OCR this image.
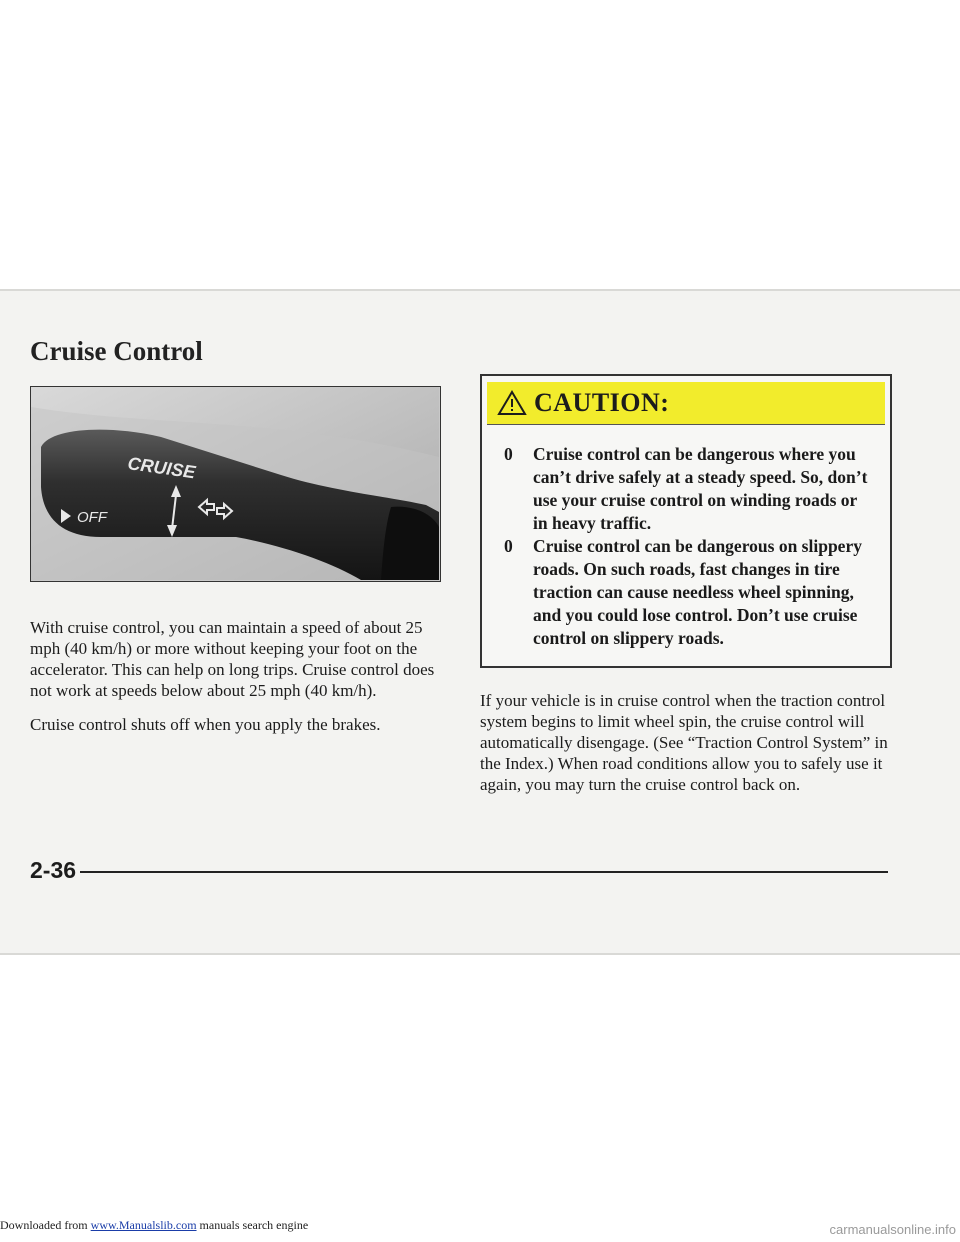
Cruise Control
CRUISE
OFF

With cruise control, you can maintain a speed of about 25 mph (40 km/h) or more without keeping your foot on the accelerator. This can help on long trips. Cruise control does not work at speeds below about 25 mph (40 km/h).

Cruise control shuts off when you apply the brakes.

CAUTION:
0 Cruise control can be dangerous where you can’t drive safely at a steady speed. So, don’t use your cruise control on winding roads or in heavy traffic.
0 Cruise control can be dangerous on slippery roads. On such roads, fast changes in tire traction can cause needless wheel spinning, and you could lose control. Don’t use cruise control on slippery roads.

If your vehicle is in cruise control when the traction control system begins to limit wheel spin, the cruise control will automatically disengage. (See “Traction Control System” in the Index.) When road conditions allow you to safely use it again, you may turn the cruise control back on.

2-36
Downloaded from www.Manualslib.com manuals search engine	carmanualsonline.info
